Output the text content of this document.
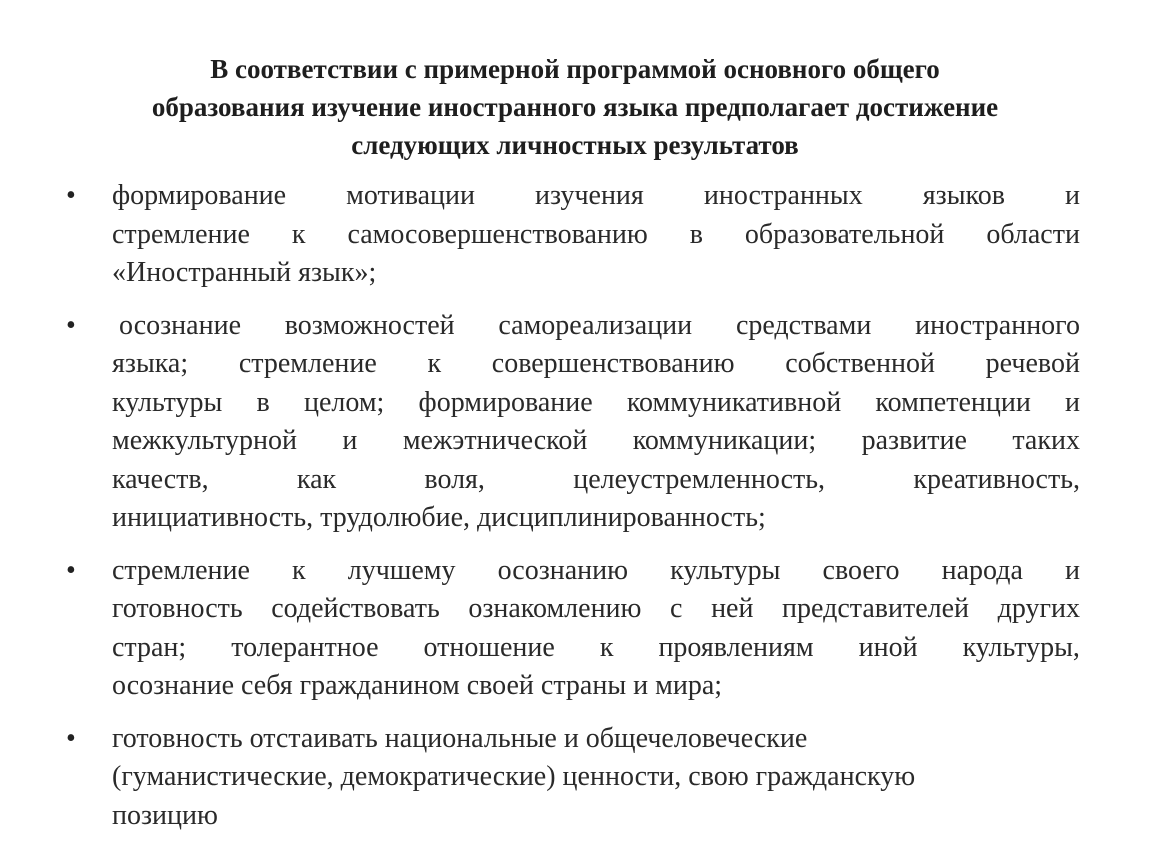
В соответствии с примерной программой основного общего
образования изучение иностранного языка предполагает достижение
следующих личностных результатов
• формирование мотивации изучения иностранных языков и
стремление к самосовершенствованию в образовательной области
«Иностранный язык»;
• осознание возможностей самореализации средствами иностранного
языка; стремление к совершенствованию собственной речевой
культуры в целом; формирование коммуникативной компетенции и
межкультурной и межэтнической коммуникации; развитие таких
качеств,	как	воля,	целеустремленность,	креативность,
инициативность, трудолюбие, дисциплинированность;
• стремление к лучшему осознанию культуры своего народа и
готовность содействовать ознакомлению с ней представителей других
стран; толерантное отношение к проявлениям иной культуры,
осознание себя гражданином своей страны и мира;
• готовность отстаивать национальные и общечеловеческие
(гуманистические, демократические) ценности, свою гражданскую
позицию
